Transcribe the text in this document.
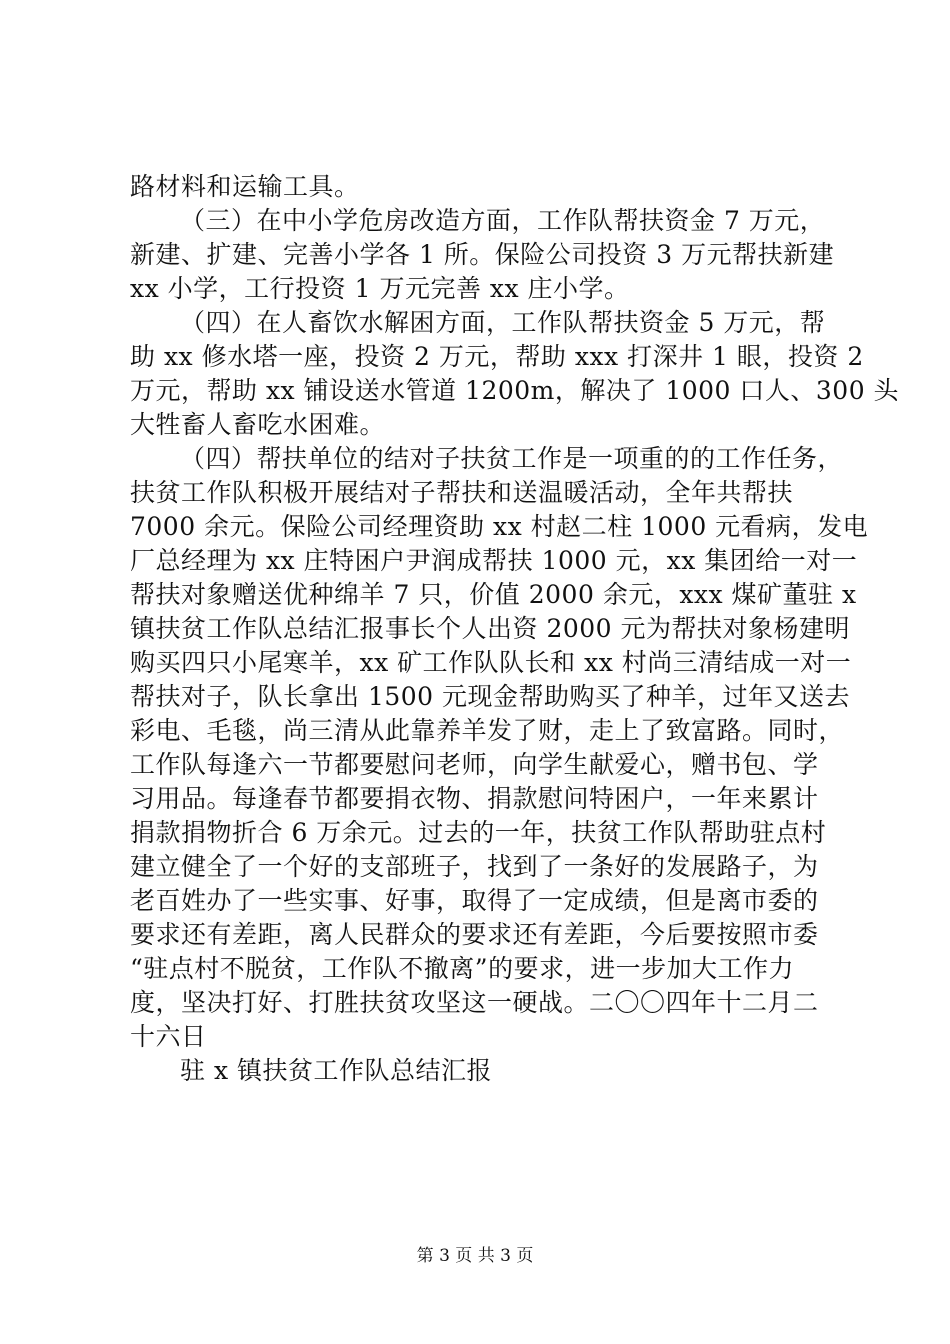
路材料和运输工具。
（三）在中小学危房改造方面，工作队帮扶资金 7 万元，
新建、扩建、完善小学各 1 所。保险公司投资 3 万元帮扶新建
xx 小学，工行投资 1 万元完善 xx 庄小学。
（四）在人畜饮水解困方面，工作队帮扶资金 5 万元，帮
助 xx 修水塔一座，投资 2 万元，帮助 xxx 打深井 1 眼，投资 2
万元，帮助 xx 铺设送水管道 1200m，解决了 1000 口人、300 头
大牲畜人畜吃水困难。
（四）帮扶单位的结对子扶贫工作是一项重的的工作任务，
扶贫工作队积极开展结对子帮扶和送温暖活动，全年共帮扶
7000 余元。保险公司经理资助 xx 村赵二柱 1000 元看病，发电
厂总经理为 xx 庄特困户尹润成帮扶 1000 元，xx 集团给一对一
帮扶对象赠送优种绵羊 7 只，价值 2000 余元，xxx 煤矿董驻 x
镇扶贫工作队总结汇报事长个人出资 2000 元为帮扶对象杨建明
购买四只小尾寒羊，xx 矿工作队队长和 xx 村尚三清结成一对一
帮扶对子，队长拿出 1500 元现金帮助购买了种羊，过年又送去
彩电、毛毯，尚三清从此靠养羊发了财，走上了致富路。同时，
工作队每逢六一节都要慰问老师，向学生献爱心，赠书包、学
习用品。每逢春节都要捐衣物、捐款慰问特困户，一年来累计
捐款捐物折合 6 万余元。过去的一年，扶贫工作队帮助驻点村
建立健全了一个好的支部班子，找到了一条好的发展路子，为
老百姓办了一些实事、好事，取得了一定成绩，但是离市委的
要求还有差距，离人民群众的要求还有差距，今后要按照市委
“驻点村不脱贫，工作队不撤离”的要求，进一步加大工作力
度，坚决打好、打胜扶贫攻坚这一硬战。二〇〇四年十二月二
十六日
驻 x 镇扶贫工作队总结汇报
第 3 页 共 3 页
